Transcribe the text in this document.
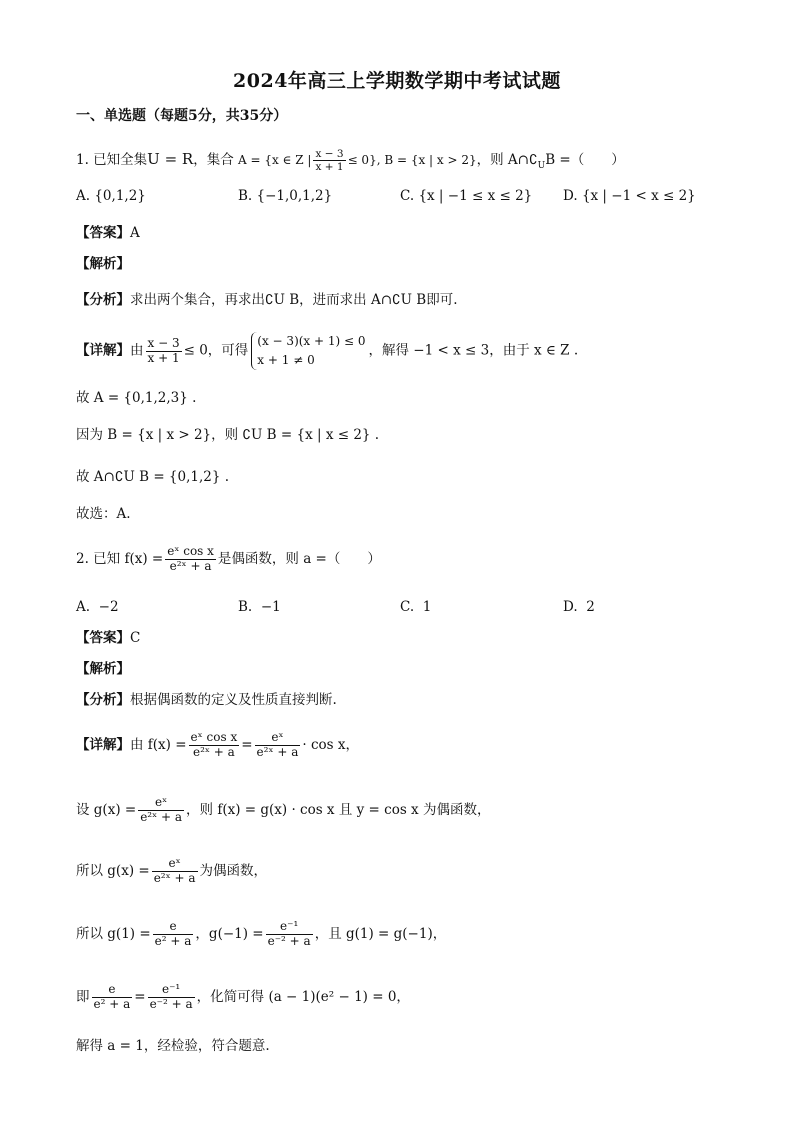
2024年高三上学期数学期中考试试题
一、单选题（每题5分，共35分）
1. 已知全集U = R，集合 A = {x ∈ Z | $\frac{x - 3}{x + 1} \le 0$}, B = {x | x > 2}，则 $A\cap∁_UB$ =（　　）
A. {0,1,2}	B. {−1,0,1,2}	C. {x | −1 ≤ x ≤ 2} D. {x | −1 < x ≤ 2}
【答案】A
【解析】
【分析】求出两个集合，再求出∁U B，进而求出 A∩∁U B即可.
【详解】由 $\frac{x - 3}{x + 1} \le 0$，可得
(x − 3)(x + 1) ≤ 0
x + 1 ≠ 0
，解得 −1 < x ≤ 3，由于 x ∈ Z .
故 A = {0,1,2,3} .
因为 B = {x | x > 2}，则 ∁U B = {x | x ≤ 2} .
故 A∩∁U B = {0,1,2} .
故选：A.
2. 已知 $f(x) = \frac{\text{eˣ cos x}}{\text{e²ˣ + a}}$ 是偶函数，则 a =（　　）
A. −2	B. −1	C. 1	D. 2
【答案】C
【解析】
【分析】根据偶函数的定义及性质直接判断.
【详解】由 $f(x) = \frac{\text{eˣ cos x}}{\text{e²ˣ + a}} = \frac{\text{eˣ}}{\text{e²ˣ + a}} \cdot \cos x$，
设 $g(x) = \frac{\text{eˣ}}{\text{e²ˣ + a}}$ ，则 f(x) = g(x) · cos x 且 y = cos x 为偶函数，
所以 $g(x) = \frac{\text{eˣ}}{\text{e²ˣ + a}}$ 为偶函数，
所以 $g(1) = \frac{e}{\text{e² + a}}$ ，$g(-1) = \frac{\text{e⁻¹}}{\text{e⁻² + a}}$ ，且 g(1) = g(−1)，
即 $\frac{e}{\text{e² + a}} = \frac{\text{e⁻¹}}{\text{e⁻² + a}}$ ，化简可得 (a − 1)(e² − 1) = 0，
解得 a = 1，经检验，符合题意.
